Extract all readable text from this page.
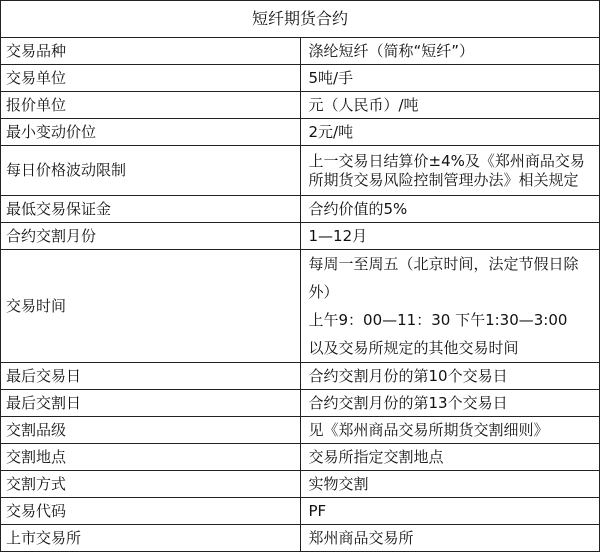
短纤期货合约	
交易品种	涤纶短纤（简称“短纤”）
交易单位	5吨/手
报价单位	元（人民币）/吨
最小变动价位	2元/吨
每日价格波动限制	上一交易日结算价±4%及《郑州商品交易所期货交易风险控制管理办法》相关规定
最低交易保证金	合约价值的5%
合约交割月份	1—12月
交易时间	每周一至周五（北京时间，法定节假日除外）
上午9：00—11：30 下午1:30—3:00
以及交易所规定的其他交易时间

最后交易日	合约交割月份的第10个交易日
最后交割日	合约交割月份的第13个交易日
交割品级	见《郑州商品交易所期货交割细则》
交割地点	交易所指定交割地点
交割方式	实物交割
交易代码	PF
上市交易所	郑州商品交易所
